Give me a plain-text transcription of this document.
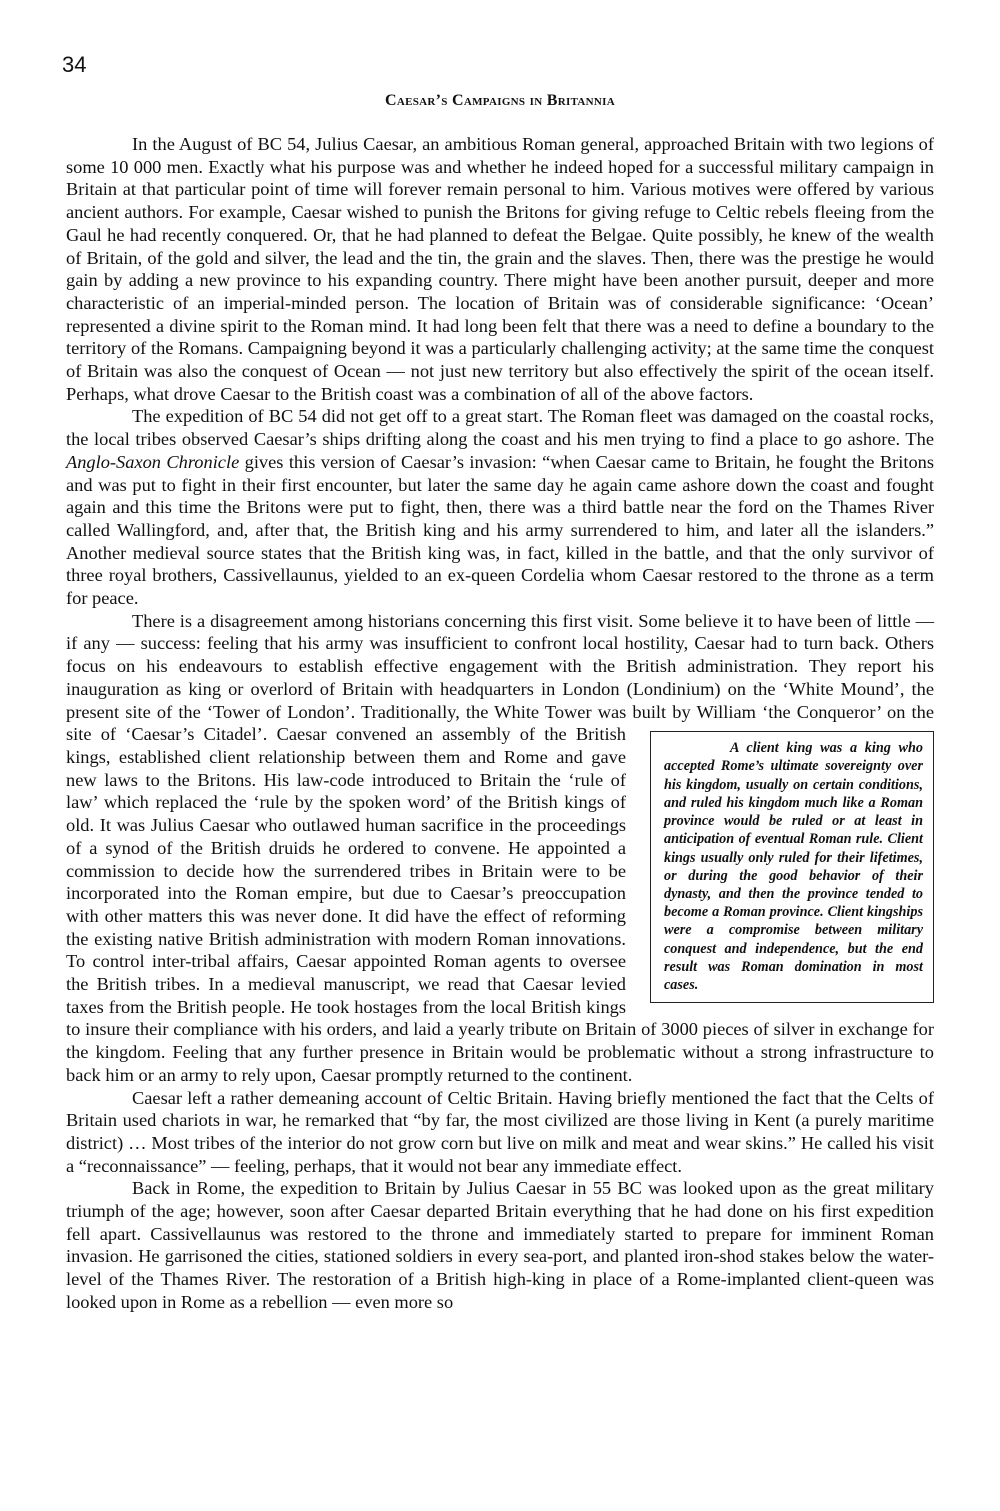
34
Caesar’s Campaigns in Britannia

In the August of BC 54, Julius Caesar, an ambitious Roman general, approached Britain with two legions of some 10 000 men. Exactly what his purpose was and whether he indeed hoped for a successful military campaign in Britain at that particular point of time will forever remain personal to him. Various motives were offered by various ancient authors. For example, Caesar wished to punish the Britons for giving refuge to Celtic rebels fleeing from the Gaul he had recently conquered. Or, that he had planned to defeat the Belgae. Quite possibly, he knew of the wealth of Britain, of the gold and silver, the lead and the tin, the grain and the slaves. Then, there was the prestige he would gain by adding a new province to his expanding country. There might have been another pursuit, deeper and more characteristic of an imperial-minded person. The location of Britain was of considerable significance: ‘Ocean’ represented a divine spirit to the Roman mind. It had long been felt that there was a need to define a boundary to the territory of the Romans. Campaigning beyond it was a particularly challenging activity; at the same time the conquest of Britain was also the conquest of Ocean — not just new territory but also effectively the spirit of the ocean itself. Perhaps, what drove Caesar to the British coast was a combination of all of the above factors.

The expedition of BC 54 did not get off to a great start. The Roman fleet was damaged on the coastal rocks, the local tribes observed Caesar’s ships drifting along the coast and his men trying to find a place to go ashore. The Anglo-Saxon Chronicle gives this version of Caesar’s invasion: “when Caesar came to Britain, he fought the Britons and was put to fight in their first encounter, but later the same day he again came ashore down the coast and fought again and this time the Britons were put to fight, then, there was a third battle near the ford on the Thames River called Wallingford, and, after that, the British king and his army surrendered to him, and later all the islanders.” Another medieval source states that the British king was, in fact, killed in the battle, and that the only survivor of three royal brothers, Cassivellaunus, yielded to an ex-queen Cordelia whom Caesar restored to the throne as a term for peace.

There is a disagreement among historians concerning this first visit. Some believe it to have been of little — if any — success: feeling that his army was insufficient to confront local hostility, Caesar had to turn back. Others focus on his endeavours to establish effective engagement with the British administration. They report his inauguration as king or overlord of Britain with headquarters in London (Londinium) on the ‘White Mound’, the present site of the ‘Tower of London’. Traditionally, the White Tower was built by William ‘the Conqueror’ on the site of ‘Caesar’s Citadel’. Caesar convened an
A client king was a king who accepted Rome’s ultimate sovereignty over his kingdom, usually on certain conditions, and ruled his kingdom much like a Roman province would be ruled or at least in anticipation of eventual Roman rule. Client kings usually only ruled for their lifetimes, or during the good behavior of their dynasty, and then the province tended to become a Roman province. Client kingships were a compromise between military conquest and independence, but the end result was Roman domination in most cases.
assembly of the British kings, established client relationship between them and Rome and gave new laws to the Britons. His law-code introduced to Britain the ‘rule of law’ which replaced the ‘rule by the spoken word’ of the British kings of old. It was Julius Caesar who outlawed human sacrifice in the proceedings of a synod of the British druids he ordered to convene. He appointed a commission to decide how the surrendered tribes in Britain were to be incorporated into the Roman empire, but due to Caesar’s preoccupation with other matters this was never done. It did have the effect of reforming the existing native British administration with modern Roman innovations. To control inter-tribal affairs, Caesar appointed Roman agents to oversee the British tribes. In a medieval manuscript, we read that Caesar levied taxes from the British people. He took hostages from the local British kings to insure their compliance with his orders, and laid a yearly tribute on Britain of 3000 pieces of silver in exchange for the kingdom. Feeling that any further presence in Britain would be problematic without a strong infrastructure to back him or an army to rely upon, Caesar promptly returned to the continent.

Caesar left a rather demeaning account of Celtic Britain. Having briefly mentioned the fact that the Celts of Britain used chariots in war, he remarked that “by far, the most civilized are those living in Kent (a purely maritime district) … Most tribes of the interior do not grow corn but live on milk and meat and wear skins.” He called his visit a “reconnaissance” — feeling, perhaps, that it would not bear any immediate effect.

Back in Rome, the expedition to Britain by Julius Caesar in 55 BC was looked upon as the great military triumph of the age; however, soon after Caesar departed Britain everything that he had done on his first expedition fell apart. Cassivellaunus was restored to the throne and immediately started to prepare for imminent Roman invasion. He garrisoned the cities, stationed soldiers in every sea-port, and planted iron-shod stakes below the water-level of the Thames River. The restoration of a British high-king in place of a Rome-implanted client-queen was looked upon in Rome as a rebellion — even more so
